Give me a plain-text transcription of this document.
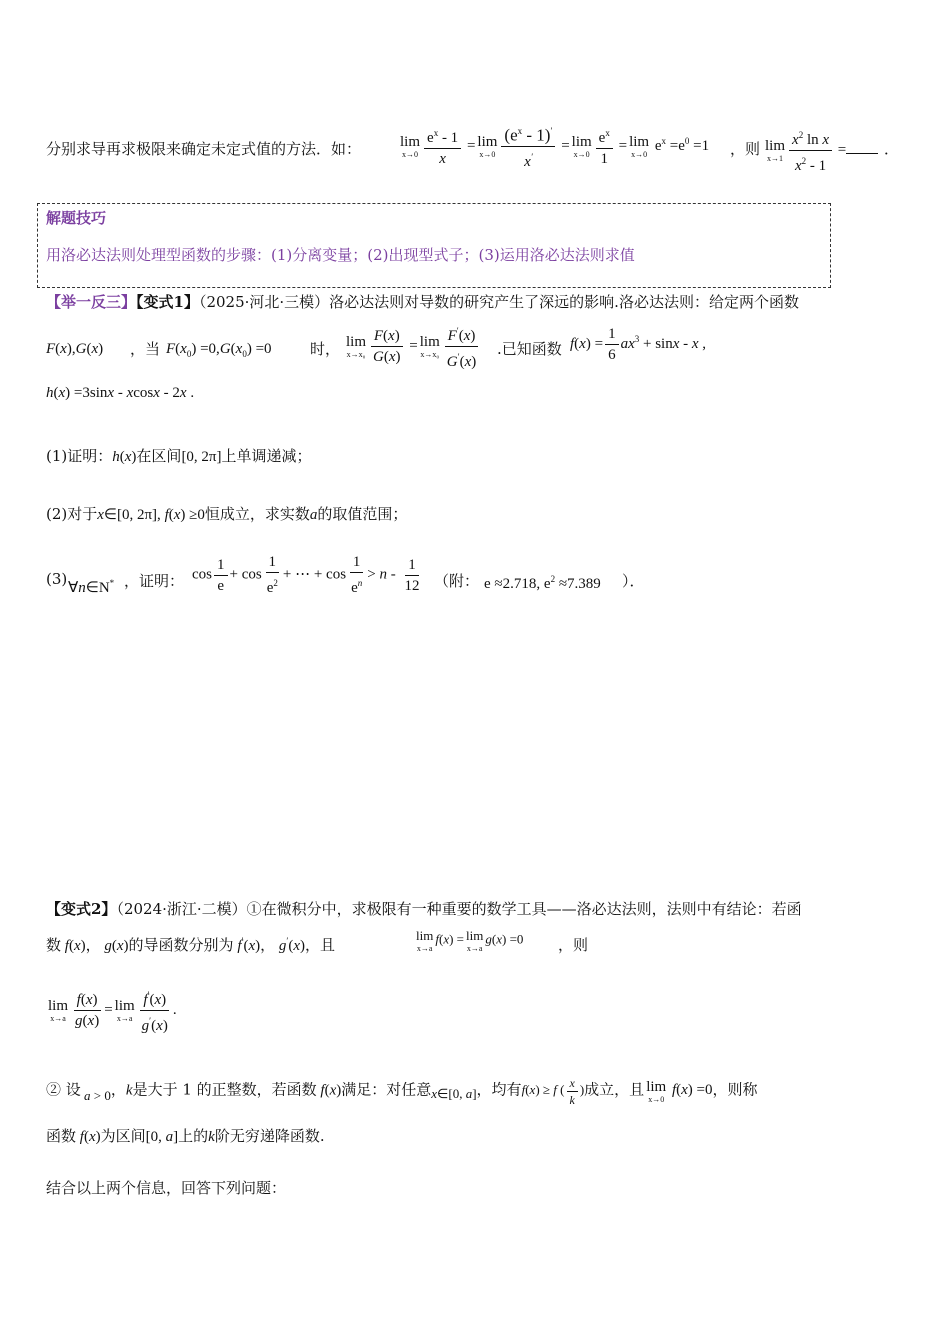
分别求导再求极限来确定未定式值的方法．如：	lim
$x\to 0 \frac{e^x - 1}{x} = \lim$
$x\to 0 \frac{(e^x - 1)'}{x'} = \lim$
$x\to 0 \frac{e^x}{1} = \lim$
x→0
$e^x =e^0 =1$ ，则 lim
$x\to 1 \frac{x^2 \ln x}{x^2 - 1}$ =	．
解题技巧
用洛必达法则处理型函数的步骤：(1)分离变量；(2)出现型式子；(3)运用洛必达法则求值
【举一反三】【变式1】（2025·河北·三模）洛必达法则对导数的研究产生了深远的影响.洛必达法则：给定两个函数
F(x),G(x) ，当 $F(x_0) =0,G(x_0) =0$	时， lim
$x\to x_0 \frac{F(x)}{G(x)} = \lim$
$x\to x_0 \frac{F'(x)}{G'(x)}$ .已知函数 $f(x) = \frac{1}{6} ax^3 + \sin x - x$ ,
h(x) =3sinx - xcosx - 2x .
(1)证明：h(x)在区间[0, 2π]上单调递减；
(2)对于x∈[0, 2π], f(x) ≥0恒成立，求实数a的取值范围；
(3) ∀n∈N* ，证明： $\cos \frac{1}{e} + \cos \frac{1}{e^2}$ + ⋯ + $\cos \frac{1}{e^n} > n - \frac{1}{12}$ （附： e ≈2.718, $e^2 \approx 7.389$ ）．
【变式2】（2024·浙江·二模）①在微积分中，求极限有一种重要的数学工具——洛必达法则，法则中有结论：若函
数 f(x)， g(x)的导函数分别为 f′(x)， g′(x)，且
lim
x→a
f(x) = lim
x→a
g(x) =0 ，则
lim
$x\to a \frac{f(x)}{g(x)} = \lim$
$x\to a \frac{f'(x)}{g'(x)}$ .
② 设 a > 0，k是大于 1 的正整数，若函数 f(x)满足：对任意x∈[0, a]，均有f(x) ≥ f ( $\frac{x}{k}$ )成立，且 lim
x→0
f(x) =0，则称
函数 f(x)为区间[0, a]上的k阶无穷递降函数.
结合以上两个信息，回答下列问题：
